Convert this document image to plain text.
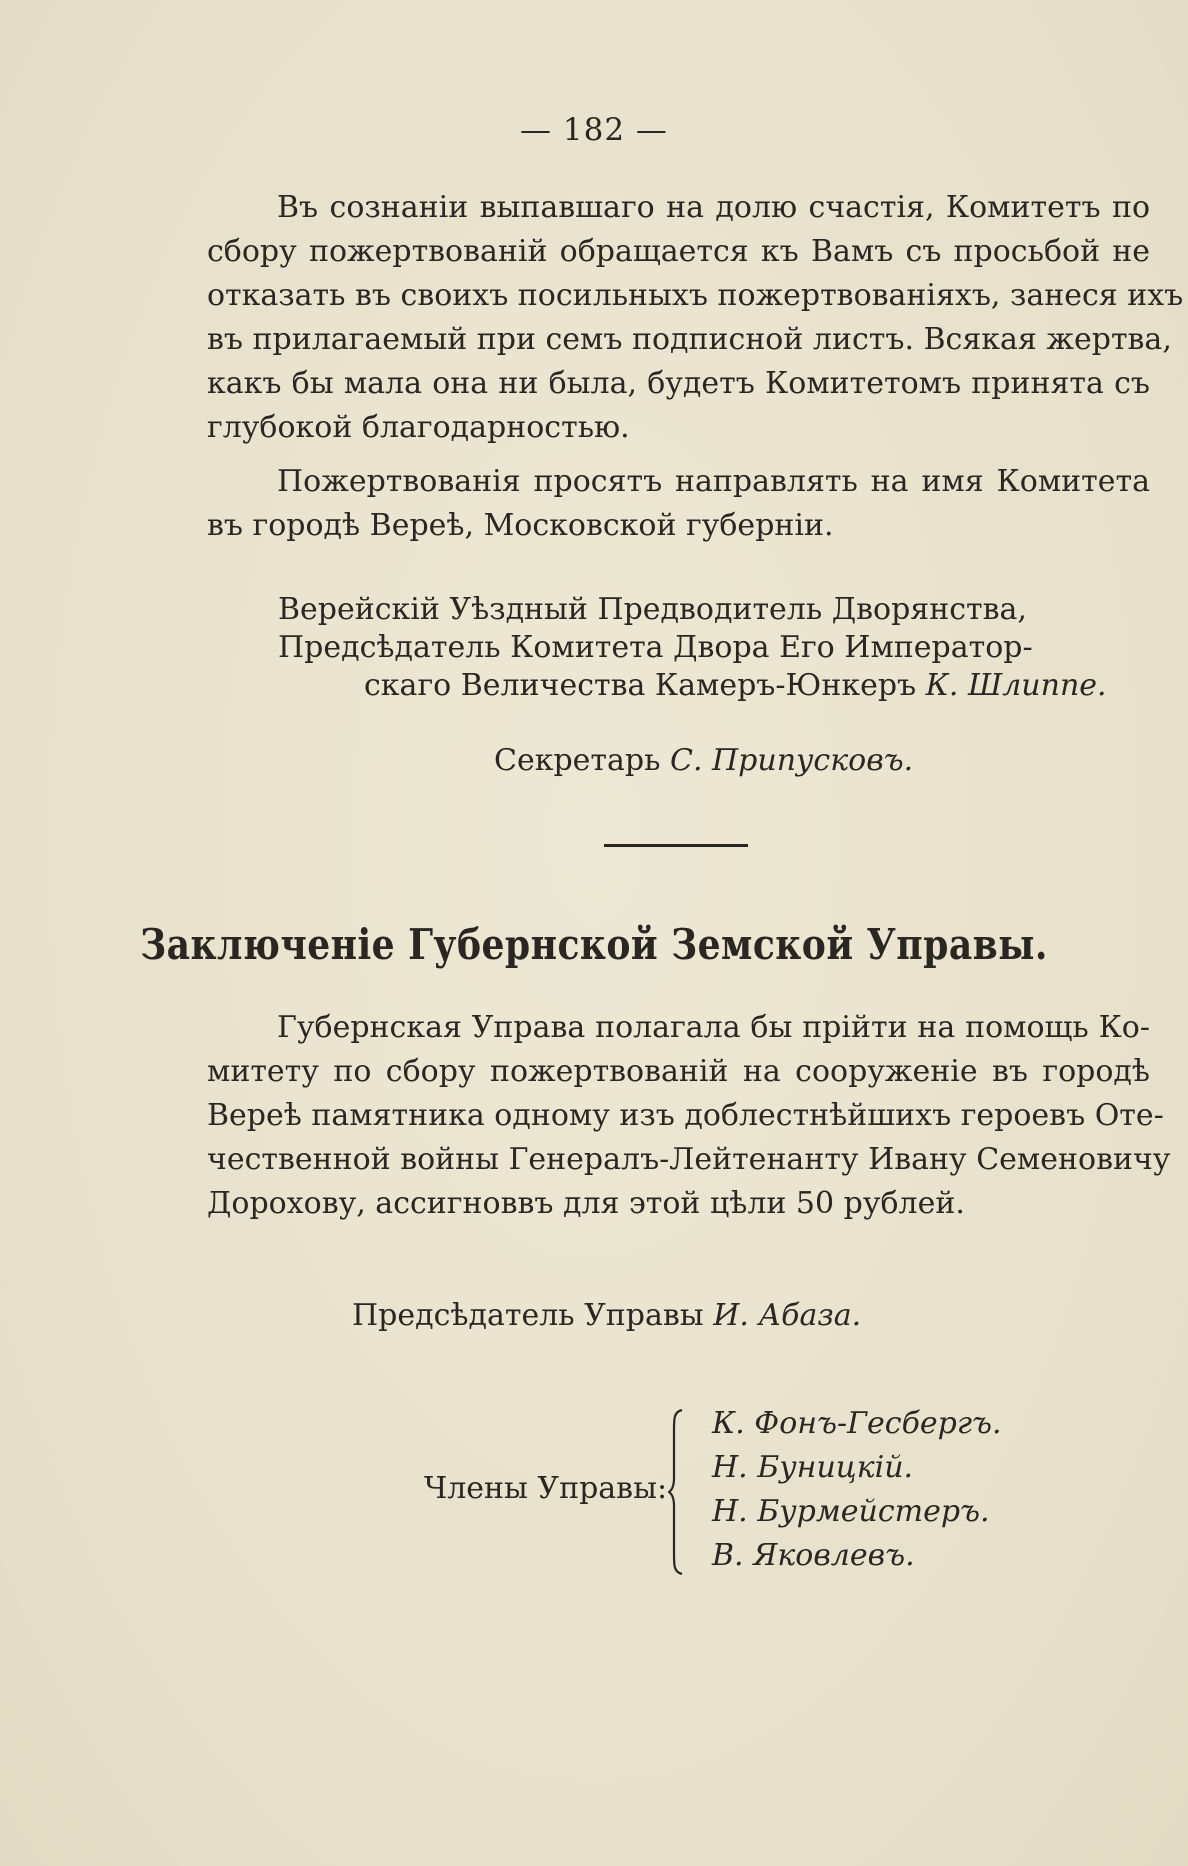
— 182 —
Въ сознаніи выпавшаго на долю счастія, Комитетъ по
сбору пожертвованій обращается къ Вамъ съ просьбой не
отказать въ своихъ посильныхъ пожертвованіяхъ, занеся ихъ
въ прилагаемый при семъ подписной листъ. Всякая жертва,
какъ бы мала она ни была, будетъ Комитетомъ принята съ
глубокой благодарностью.
Пожертвованія просятъ направлять на имя Комитета
въ городѣ Вереѣ, Московской губерніи.
Верейскій Уѣздный Предводитель Дворянства,
Предсѣдатель Комитета Двора Его Император-
скаго Величества Камеръ-Юнкеръ К. Шлиппе.
Секретарь С. Припусковъ.
Заключеніе Губернской Земской Управы.
Губернская Управа полагала бы прійти на помощь Ко-
митету по сбору пожертвованій на сооруженіе въ городѣ
Вереѣ памятника одному изъ доблестнѣйшихъ героевъ Оте-
чественной войны Генералъ-Лейтенанту Ивану Семеновичу
Дорохову, ассигноввъ для этой цѣли 50 рублей.
Предсѣдатель Управы И. Абаза.
Члены Управы:
К. Фонъ-Гесбергъ.
Н. Буницкій.
Н. Бурмейстеръ.
В. Яковлевъ.
